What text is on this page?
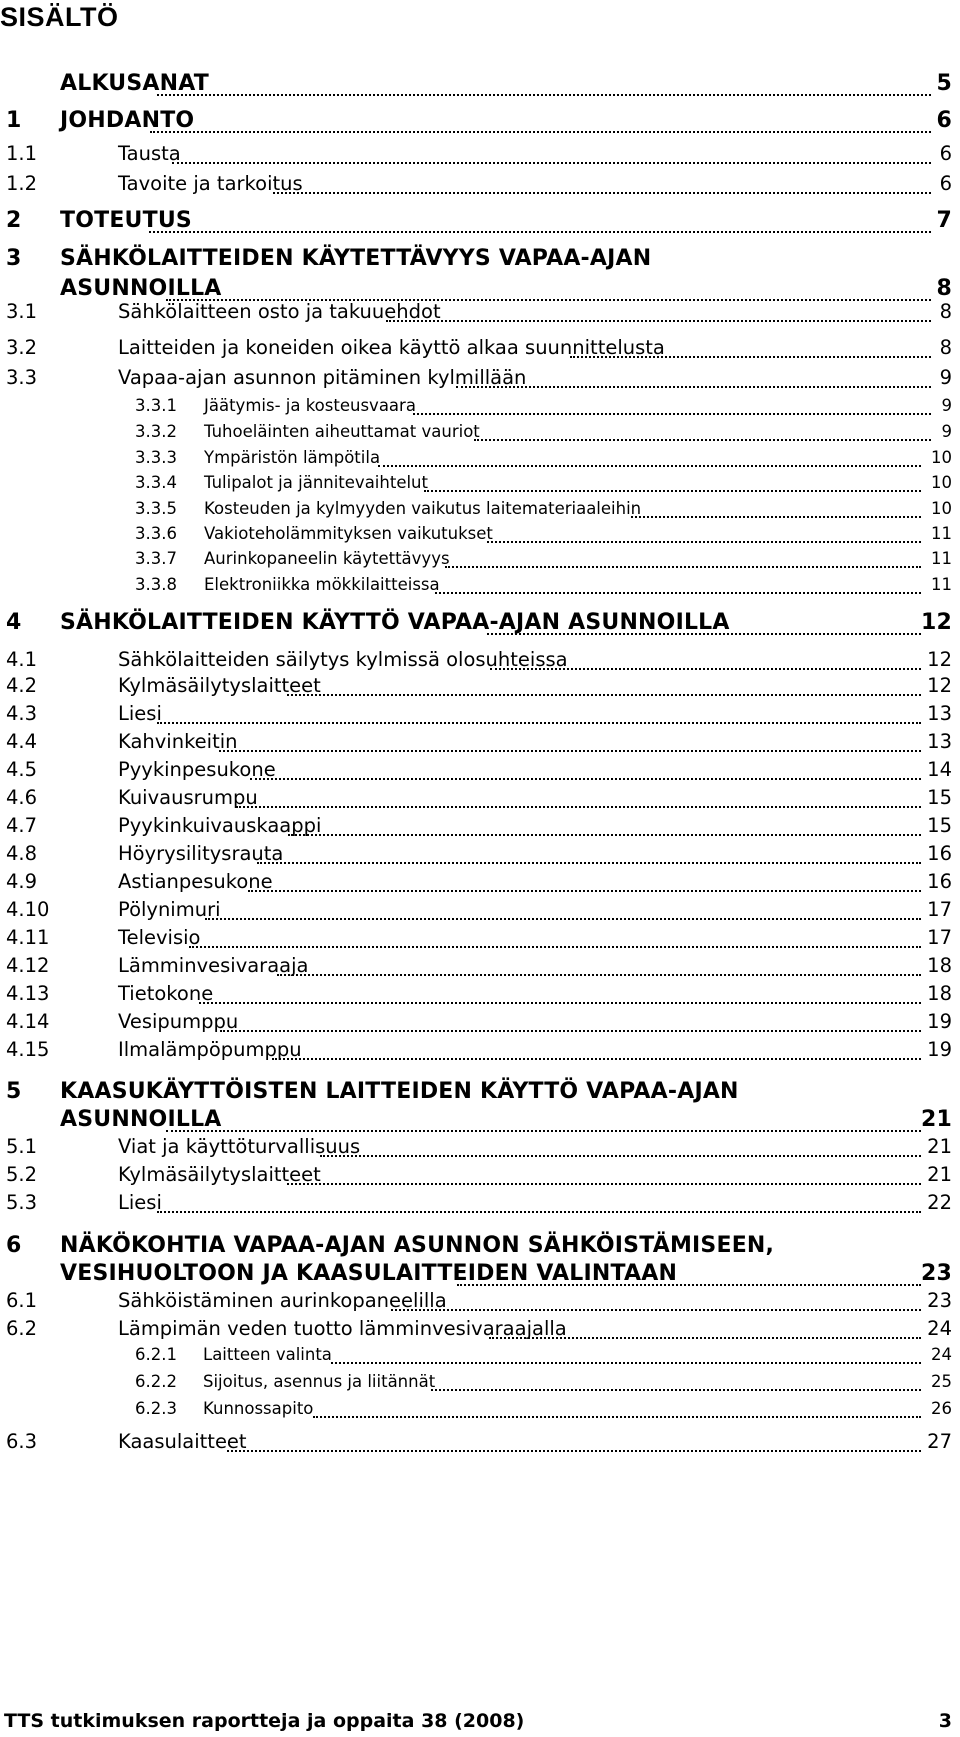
SISÄLTÖ
ALKUSANAT	5
1 JOHDANTO	6
1.1	Tausta	6
1.2	Tavoite ja tarkoitus	6
2 TOTEUTUS	7
3 SÄHKÖLAITTEIDEN KÄYTETTÄVYYS VAPAA-AJAN
ASUNNOILLA	8
3.1	Sähkölaitteen osto ja takuuehdot	8
3.2	Laitteiden ja koneiden oikea käyttö alkaa suunnittelusta	8
3.3	Vapaa-ajan asunnon pitäminen kylmillään	9
3.3.1 Jäätymis- ja kosteusvaara	9
3.3.2 Tuhoeläinten aiheuttamat vauriot	9
3.3.3 Ympäristön lämpötila	10
3.3.4 Tulipalot ja jännitevaihtelut	10
3.3.5 Kosteuden ja kylmyyden vaikutus laitemateriaaleihin	10
3.3.6 Vakioteholämmityksen vaikutukset	11
3.3.7 Aurinkopaneelin käytettävyys	11
3.3.8 Elektroniikka mökkilaitteissa	11
4 SÄHKÖLAITTEIDEN KÄYTTÖ VAPAA-AJAN ASUNNOILLA	12
4.1	Sähkölaitteiden säilytys kylmissä olosuhteissa	12
4.2	Kylmäsäilytyslaitteet	12
4.3	Liesi	13
4.4	Kahvinkeitin	13
4.5	Pyykinpesukone	14
4.6	Kuivausrumpu	15
4.7	Pyykinkuivauskaappi	15
4.8	Höyrysilitysrauta	16
4.9	Astianpesukone	16
4.10	Pölynimuri	17
4.11	Televisio	17
4.12	Lämminvesivaraaja	18
4.13	Tietokone	18
4.14	Vesipumppu	19
4.15	Ilmalämpöpumppu	19
5 KAASUKÄYTTÖISTEN LAITTEIDEN KÄYTTÖ VAPAA-AJAN
ASUNNOILLA	21
5.1	Viat ja käyttöturvallisuus	21
5.2	Kylmäsäilytyslaitteet	21
5.3	Liesi	22
6 NÄKÖKOHTIA VAPAA-AJAN ASUNNON SÄHKÖISTÄMISEEN,
VESIHUOLTOON JA KAASULAITTEIDEN VALINTAAN	23
6.1	Sähköistäminen aurinkopaneelilla	23
6.2	Lämpimän veden tuotto lämminvesivaraajalla	24
6.2.1 Laitteen valinta	24
6.2.2 Sijoitus, asennus ja liitännät	25
6.2.3 Kunnossapito	26
6.3	Kaasulaitteet	27
TTS tutkimuksen raportteja ja oppaita 38 (2008)	3
